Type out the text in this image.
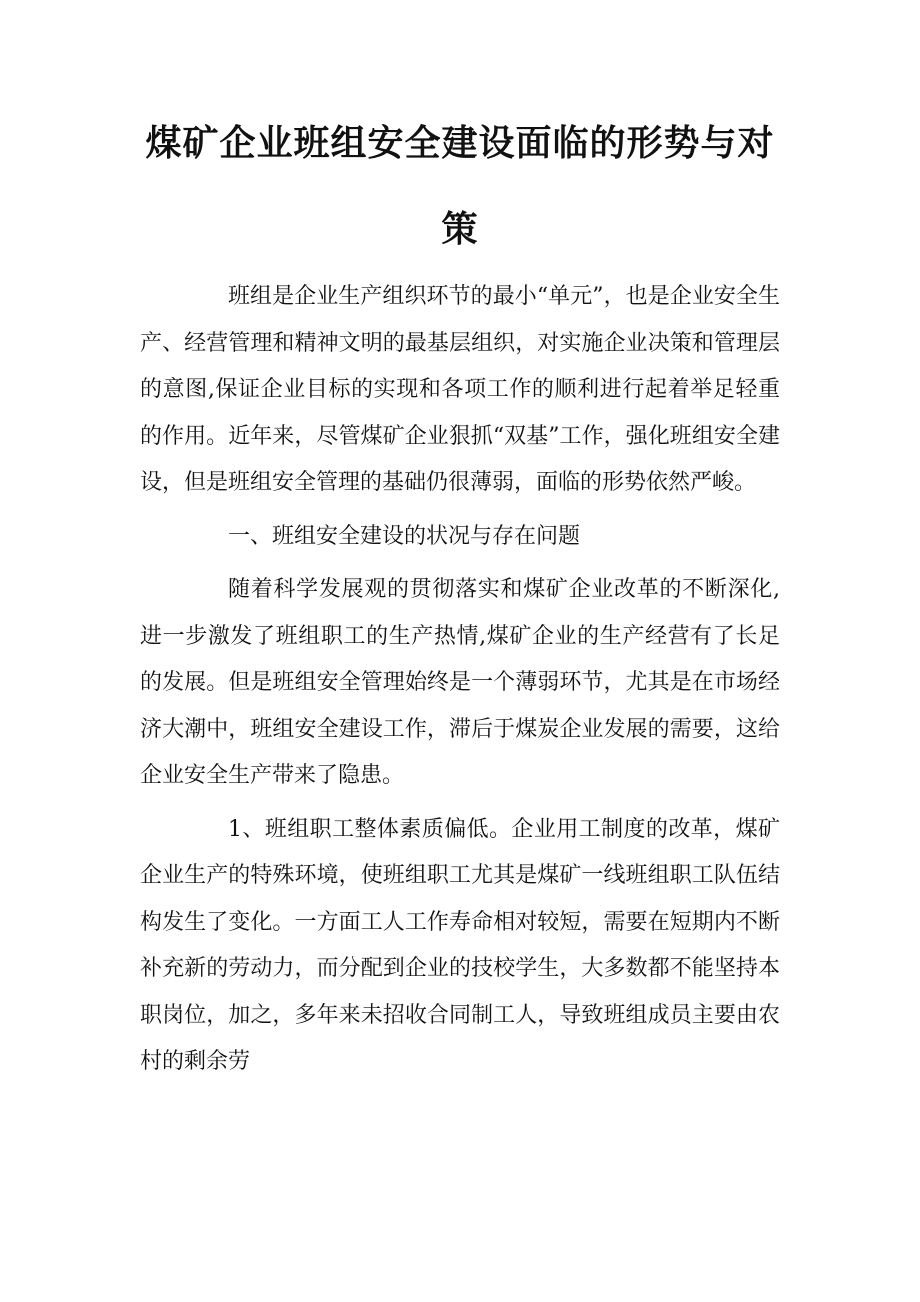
煤矿企业班组安全建设面临的形势与对策

班组是企业生产组织环节的最小“单元”，也是企业安全生产、经营管理和精神文明的最基层组织，对实施企业决策和管理层的意图,保证企业目标的实现和各项工作的顺利进行起着举足轻重的作用。近年来，尽管煤矿企业狠抓“双基”工作，强化班组安全建设，但是班组安全管理的基础仍很薄弱，面临的形势依然严峻。

一、班组安全建设的状况与存在问题

随着科学发展观的贯彻落实和煤矿企业改革的不断深化,进一步激发了班组职工的生产热情,煤矿企业的生产经营有了长足的发展。但是班组安全管理始终是一个薄弱环节，尤其是在市场经济大潮中，班组安全建设工作，滞后于煤炭企业发展的需要，这给企业安全生产带来了隐患。

1、班组职工整体素质偏低。企业用工制度的改革，煤矿企业生产的特殊环境，使班组职工尤其是煤矿一线班组职工队伍结构发生了变化。一方面工人工作寿命相对较短，需要在短期内不断补充新的劳动力，而分配到企业的技校学生，大多数都不能坚持本职岗位，加之，多年来未招收合同制工人，导致班组成员主要由农村的剩余劳
